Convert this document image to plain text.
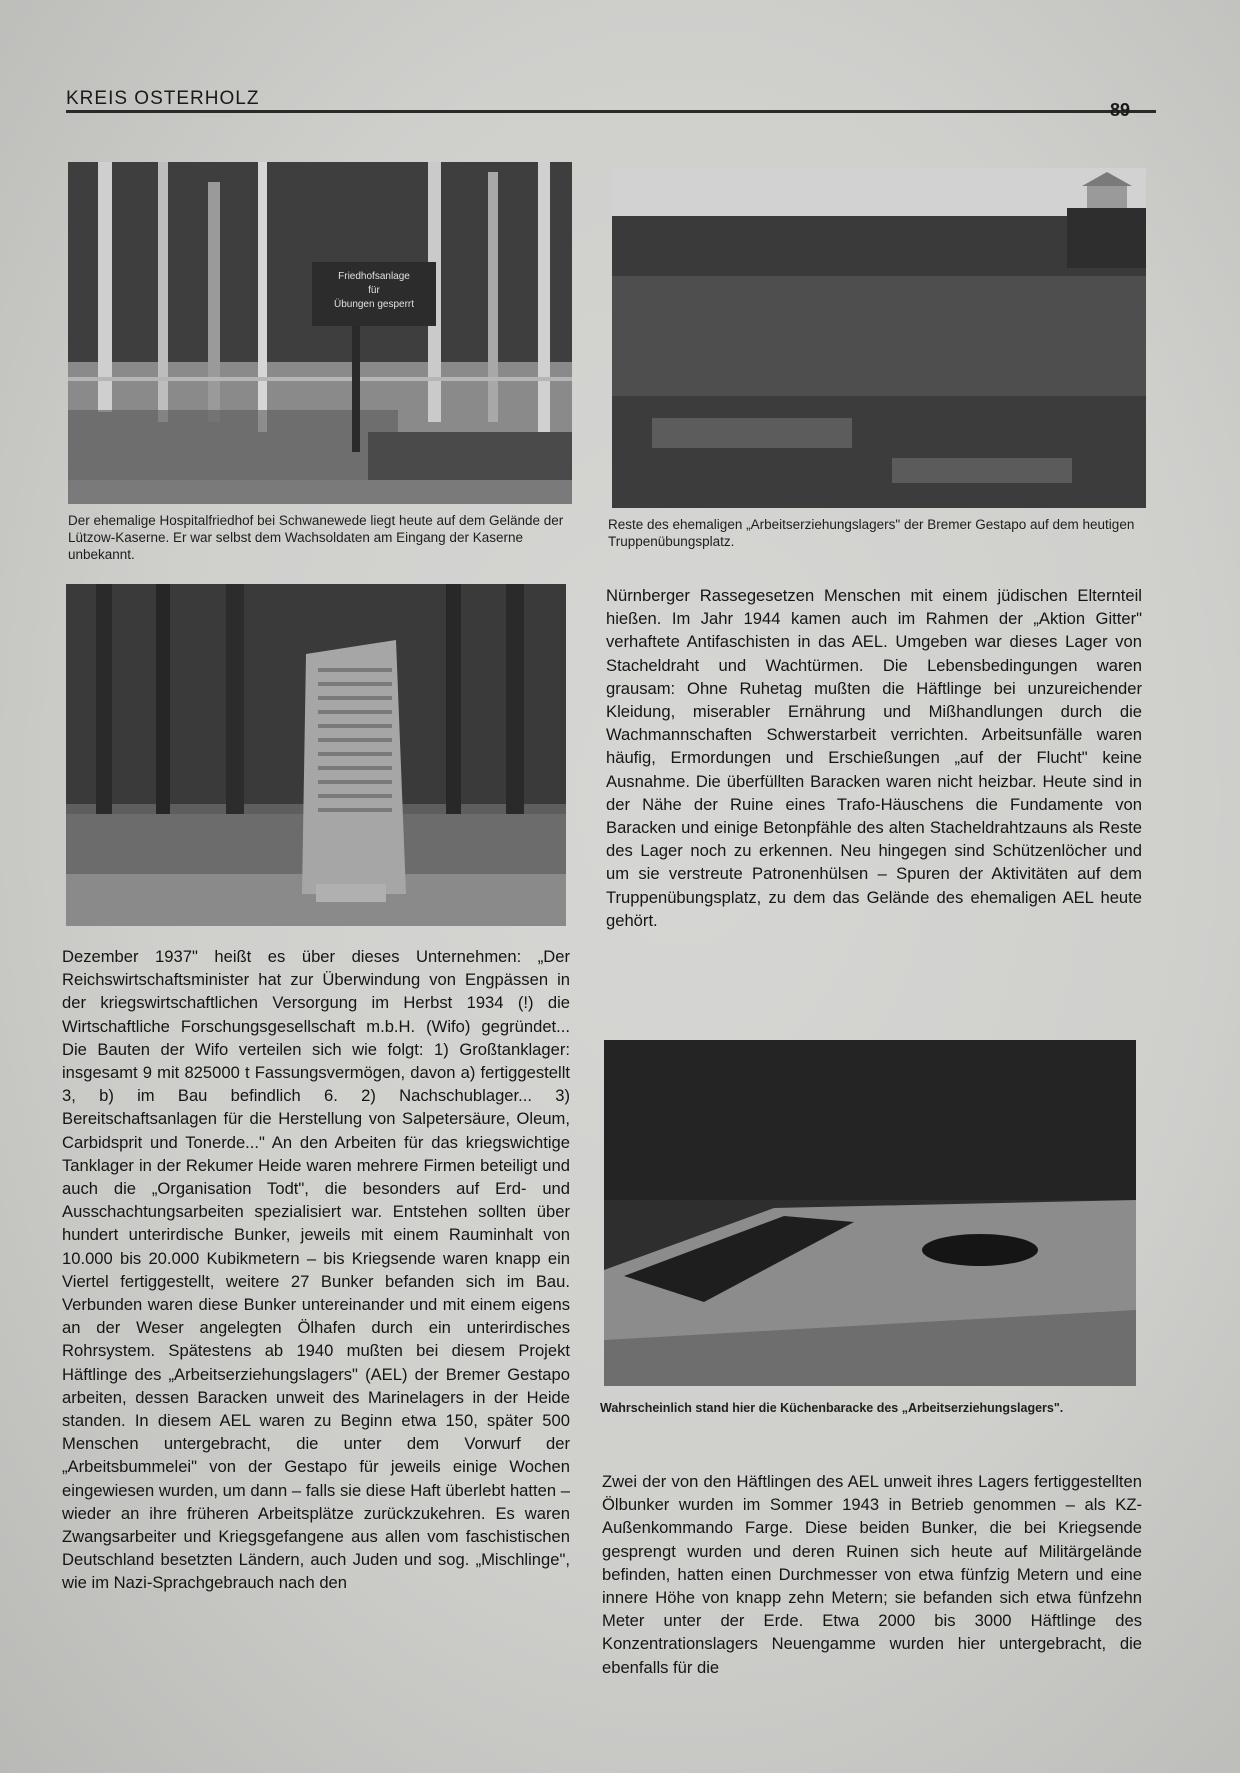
KREIS OSTERHOLZ
89
Friedhofsanlage
für
Übungen gesperrt
Der ehemalige Hospitalfriedhof bei Schwanewede liegt heute auf dem Gelände der Lützow-Kaserne. Er war selbst dem Wachsoldaten am Eingang der Kaserne unbekannt.
Reste des ehemaligen „Arbeitserziehungslagers" der Bremer Gestapo auf dem heutigen Truppenübungsplatz.
Wahrscheinlich stand hier die Küchenbaracke des „Arbeitserziehungslagers".

Dezember 1937" heißt es über dieses Unternehmen: „Der Reichswirtschaftsminister hat zur Überwindung von Engpässen in der kriegswirtschaftlichen Versorgung im Herbst 1934 (!) die Wirtschaftliche Forschungsgesellschaft m.b.H. (Wifo) gegründet... Die Bauten der Wifo verteilen sich wie folgt: 1) Großtanklager: insgesamt 9 mit 825000 t Fassungsvermögen, davon a) fertiggestellt 3, b) im Bau befindlich 6. 2) Nachschublager... 3) Bereitschaftsanlagen für die Herstellung von Salpetersäure, Oleum, Carbidsprit und Tonerde..." An den Arbeiten für das kriegswichtige Tanklager in der Rekumer Heide waren mehrere Firmen beteiligt und auch die „Organisation Todt", die besonders auf Erd- und Ausschachtungsarbeiten spezialisiert war. Entstehen sollten über hundert unterirdische Bunker, jeweils mit einem Rauminhalt von 10.000 bis 20.000 Kubikmetern – bis Kriegsende waren knapp ein Viertel fertiggestellt, weitere 27 Bunker befanden sich im Bau. Verbunden waren diese Bunker untereinander und mit einem eigens an der Weser angelegten Ölhafen durch ein unterirdisches Rohrsystem. Spätestens ab 1940 mußten bei diesem Projekt Häftlinge des „Arbeitserziehungslagers" (AEL) der Bremer Gestapo arbeiten, dessen Baracken unweit des Marinelagers in der Heide standen. In diesem AEL waren zu Beginn etwa 150, später 500 Menschen untergebracht, die unter dem Vorwurf der „Arbeitsbummelei" von der Gestapo für jeweils einige Wochen eingewiesen wurden, um dann – falls sie diese Haft überlebt hatten – wieder an ihre früheren Arbeitsplätze zurückzukehren. Es waren Zwangsarbeiter und Kriegsgefangene aus allen vom faschistischen Deutschland besetzten Ländern, auch Juden und sog. „Mischlinge", wie im Nazi-Sprachgebrauch nach den

Nürnberger Rassegesetzen Menschen mit einem jüdischen Elternteil hießen. Im Jahr 1944 kamen auch im Rahmen der „Aktion Gitter" verhaftete Antifaschisten in das AEL. Umgeben war dieses Lager von Stacheldraht und Wachtürmen. Die Lebensbedingungen waren grausam: Ohne Ruhetag mußten die Häftlinge bei unzureichender Kleidung, miserabler Ernährung und Mißhandlungen durch die Wachmannschaften Schwerstarbeit verrichten. Arbeitsunfälle waren häufig, Ermordungen und Erschießungen „auf der Flucht" keine Ausnahme. Die überfüllten Baracken waren nicht heizbar. Heute sind in der Nähe der Ruine eines Trafo-Häuschens die Fundamente von Baracken und einige Betonpfähle des alten Stacheldrahtzauns als Reste des Lager noch zu erkennen. Neu hingegen sind Schützenlöcher und um sie verstreute Patronenhülsen – Spuren der Aktivitäten auf dem Truppenübungsplatz, zu dem das Gelände des ehemaligen AEL heute gehört.

Zwei der von den Häftlingen des AEL unweit ihres Lagers fertiggestellten Ölbunker wurden im Sommer 1943 in Betrieb genommen – als KZ-Außenkommando Farge. Diese beiden Bunker, die bei Kriegsende gesprengt wurden und deren Ruinen sich heute auf Militärgelände befinden, hatten einen Durchmesser von etwa fünfzig Metern und eine innere Höhe von knapp zehn Metern; sie befanden sich etwa fünfzehn Meter unter der Erde. Etwa 2000 bis 3000 Häftlinge des Konzentrationslagers Neuengamme wurden hier untergebracht, die ebenfalls für die
